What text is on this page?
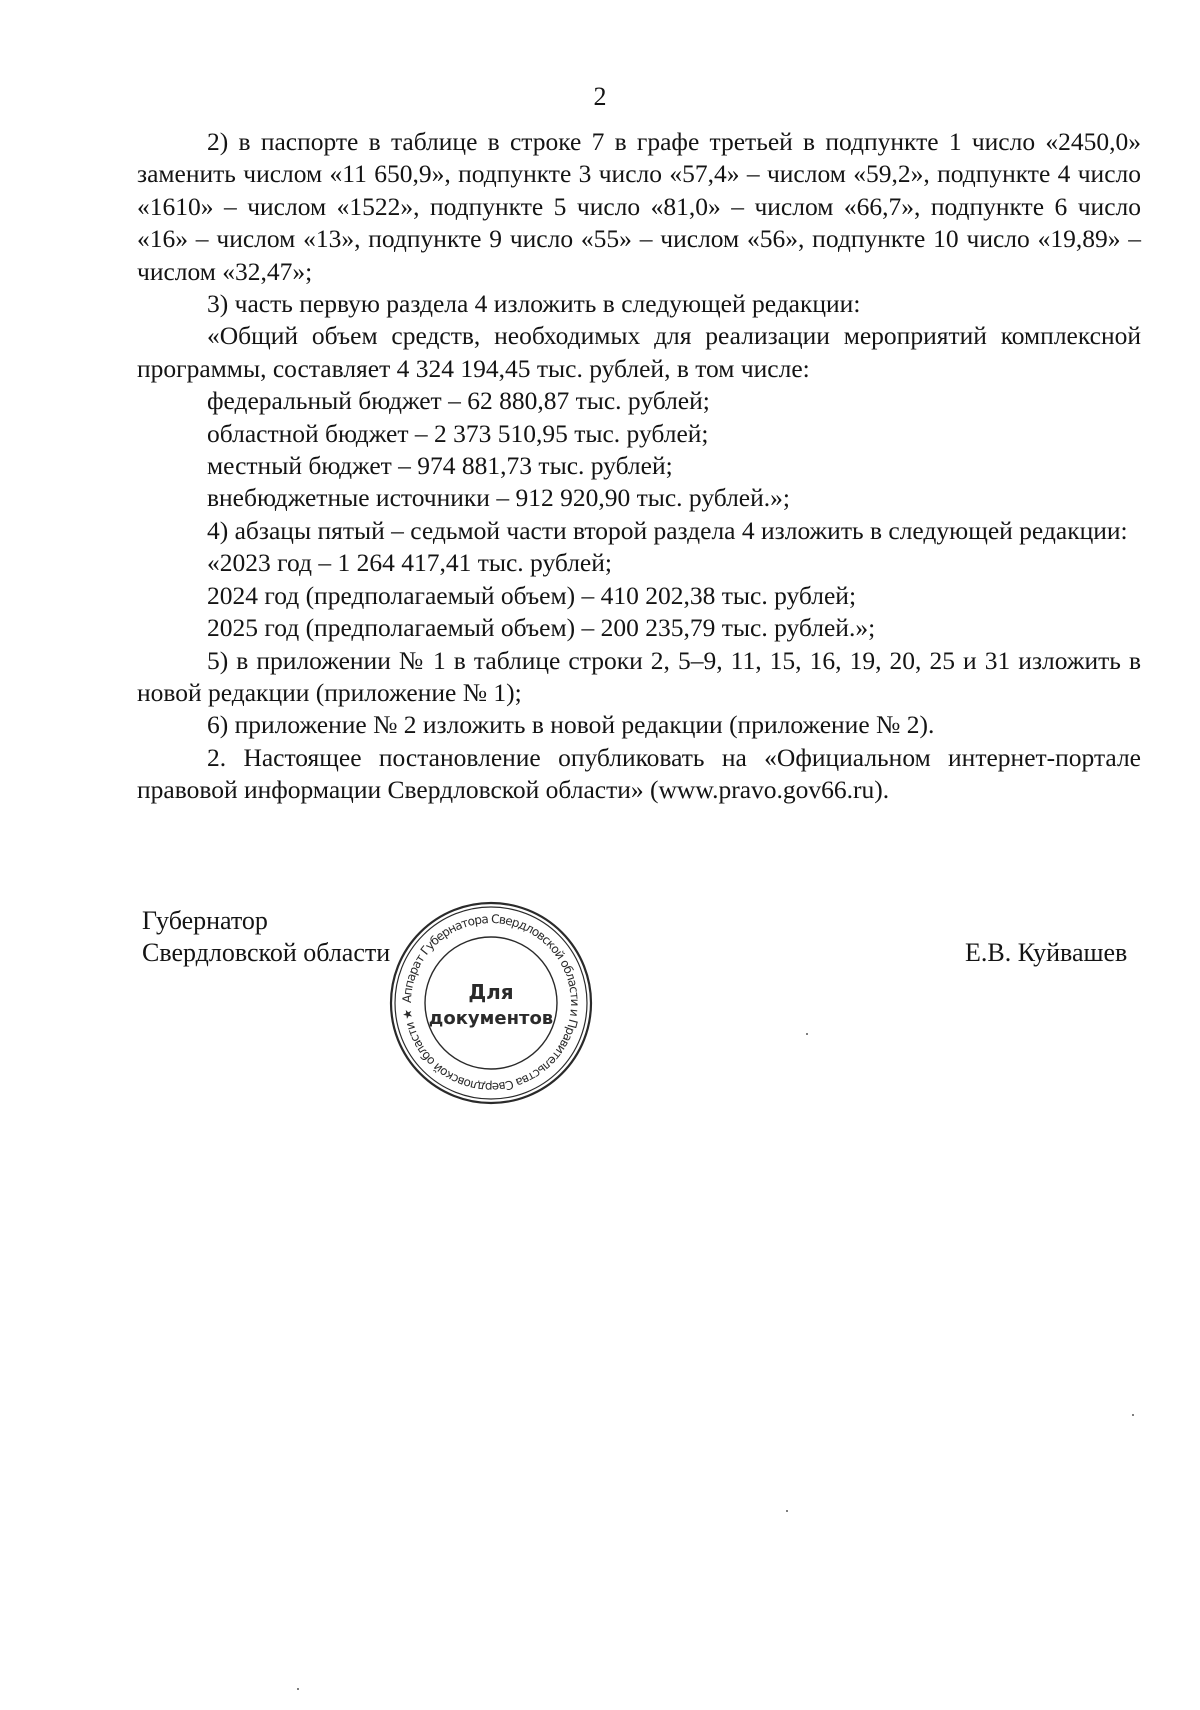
2

2) в паспорте в таблице в строке 7 в графе третьей в подпункте 1 число «2450,0» заменить числом «11 650,9», подпункте 3 число «57,4» – числом «59,2», подпункте 4 число «1610» – числом «1522», подпункте 5 число «81,0» – числом «66,7», подпункте 6 число «16» – числом «13», подпункте 9 число «55» – числом «56», подпункте 10 число «19,89» – числом «32,47»;

3) часть первую раздела 4 изложить в следующей редакции:

«Общий объем средств, необходимых для реализации мероприятий комплексной программы, составляет 4 324 194,45 тыс. рублей, в том числе:

федеральный бюджет – 62 880,87 тыс. рублей;

областной бюджет – 2 373 510,95 тыс. рублей;

местный бюджет – 974 881,73 тыс. рублей;

внебюджетные источники – 912 920,90 тыс. рублей.»;

4) абзацы пятый – седьмой части второй раздела 4 изложить в следующей редакции:

«2023 год – 1 264 417,41 тыс. рублей;

2024 год (предполагаемый объем) – 410 202,38 тыс. рублей;

2025 год (предполагаемый объем) – 200 235,79 тыс. рублей.»;

5) в приложении № 1 в таблице строки 2, 5–9, 11, 15, 16, 19, 20, 25 и 31 изложить в новой редакции (приложение № 1);

6) приложение № 2 изложить в новой редакции (приложение № 2).

2. Настоящее постановление опубликовать на «Официальном интернет-портале правовой информации Свердловской области» (www.pravo.gov66.ru).

Губернатор
Свердловской области
Аппарат Губернатора Свердловской области и Правительства Свердловской области ★
Для
документов
Е.В. Куйвашев
